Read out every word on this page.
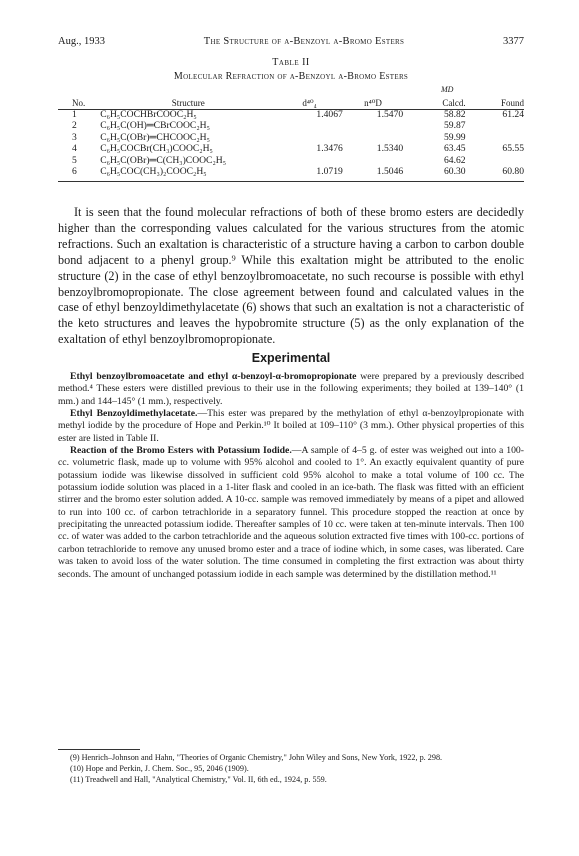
Aug., 1933	The Structure of α-Benzoyl α-Bromo Esters	3377
Table II
Molecular Refraction of α-Benzoyl α-Bromo Esters
MD
No.	Structure	d⁴⁰₄	n⁴⁰D	Calcd.	Found
1	C₆H₅COCHBrCOOC₂H₅	1.4067	1.5470	58.82	61.24
2	C₆H₅C(OH)═CBrCOOC₂H₅			59.87	
3	C₆H₅C(OBr)═CHCOOC₂H₅			59.99	
4	C₆H₅COCBr(CH₃)COOC₂H₅	1.3476	1.5340	63.45	65.55
5	C₆H₅C(OBr)═C(CH₃)COOC₂H₅			64.62	
6	C₆H₅COC(CH₃)₂COOC₂H₅	1.0719	1.5046	60.30	60.80

It is seen that the found molecular refractions of both of these bromo esters are decidedly higher than the corresponding values calculated for the various structures from the atomic refractions. Such an exaltation is characteristic of a structure having a carbon to carbon double bond adjacent to a phenyl group.⁹ While this exaltation might be attributed to the enolic structure (2) in the case of ethyl benzoylbromoacetate, no such recourse is possible with ethyl benzoylbromopropionate. The close agreement between found and calculated values in the case of ethyl benzoyldimethylacetate (6) shows that such an exaltation is not a characteristic of the keto structures and leaves the hypobromite structure (5) as the only explanation of the exaltation of ethyl benzoylbromopropionate.

Experimental

Ethyl benzoylbromoacetate and ethyl α-benzoyl-α-bromopropionate were prepared by a previously described method.⁴ These esters were distilled previous to their use in the following experiments; they boiled at 139–140° (1 mm.) and 144–145° (1 mm.), respectively.

Ethyl Benzoyldimethylacetate.—This ester was prepared by the methylation of ethyl α-benzoylpropionate with methyl iodide by the procedure of Hope and Perkin.¹⁰ It boiled at 109–110° (3 mm.). Other physical properties of this ester are listed in Table II.

Reaction of the Bromo Esters with Potassium Iodide.—A sample of 4–5 g. of ester was weighed out into a 100-cc. volumetric flask, made up to volume with 95% alcohol and cooled to 1°. An exactly equivalent quantity of pure potassium iodide was likewise dissolved in sufficient cold 95% alcohol to make a total volume of 100 cc. The potassium iodide solution was placed in a 1-liter flask and cooled in an ice-bath. The flask was fitted with an efficient stirrer and the bromo ester solution added. A 10-cc. sample was removed immediately by means of a pipet and allowed to run into 100 cc. of carbon tetrachloride in a separatory funnel. This procedure stopped the reaction at once by precipitating the unreacted potassium iodide. Thereafter samples of 10 cc. were taken at ten-minute intervals. Then 100 cc. of water was added to the carbon tetrachloride and the aqueous solution extracted five times with 100-cc. portions of carbon tetrachloride to remove any unused bromo ester and a trace of iodine which, in some cases, was liberated. Care was taken to avoid loss of the water solution. The time consumed in completing the first extraction was about thirty seconds. The amount of unchanged potassium iodide in each sample was determined by the distillation method.¹¹

(9) Henrich–Johnson and Hahn, "Theories of Organic Chemistry," John Wiley and Sons, New York, 1922, p. 298.

(10) Hope and Perkin, J. Chem. Soc., 95, 2046 (1909).

(11) Treadwell and Hall, "Analytical Chemistry," Vol. II, 6th ed., 1924, p. 559.
